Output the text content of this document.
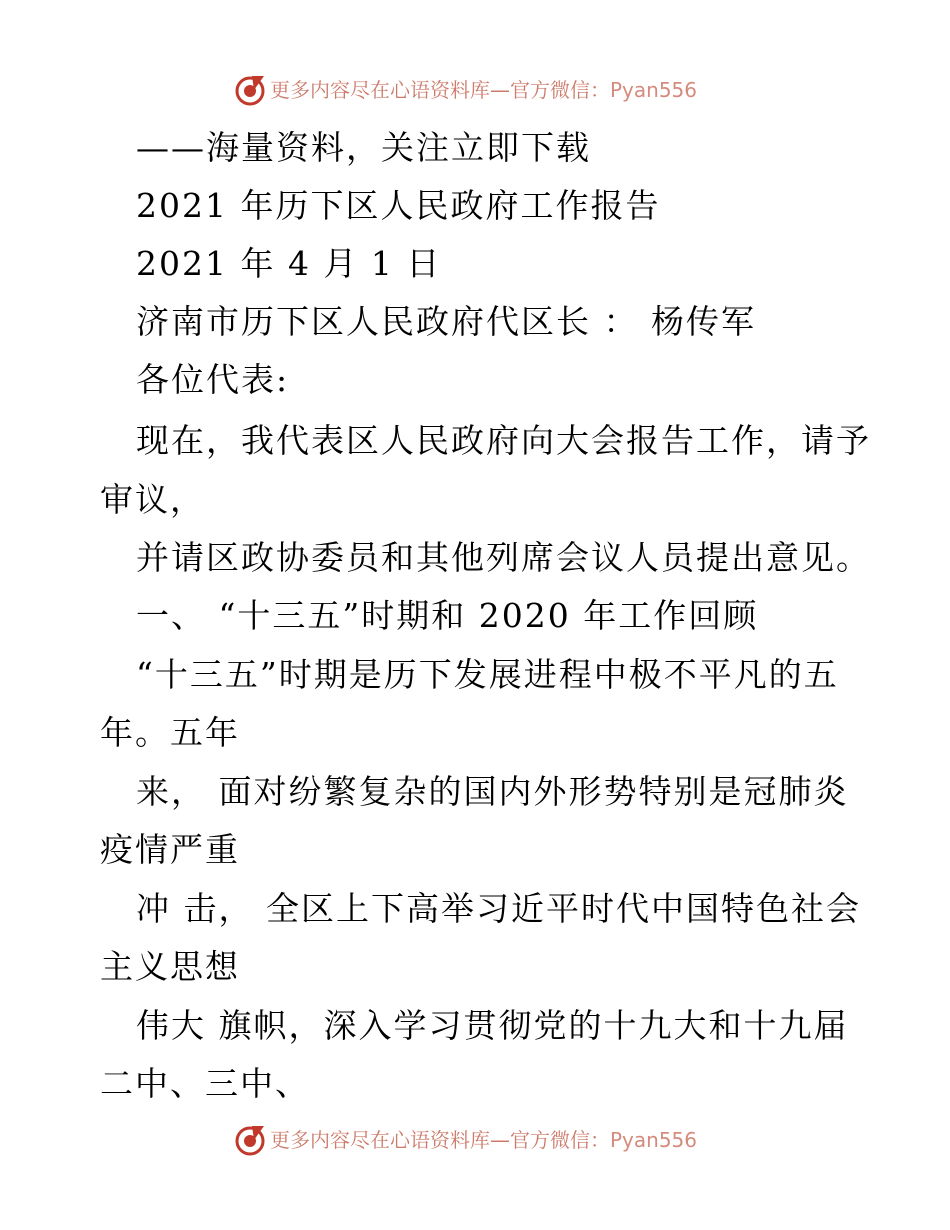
更多内容尽在心语资料库—官方微信：Pyan556
——海量资料，关注立即下载
2021 年历下区人民政府工作报告
2021 年 4 月 1 日
济南市历下区人民政府代区长 ： 杨传军
各位代表:
现在，我代表区人民政府向大会报告工作，请予
审议，
并请区政协委员和其他列席会议人员提出意见。
一、 “十三五”时期和 2020 年工作回顾
“十三五”时期是历下发展进程中极不平凡的五
年。五年
来， 面对纷繁复杂的国内外形势特别是冠肺炎
疫情严重
冲 击， 全区上下高举习近平时代中国特色社会
主义思想
伟大 旗帜，深入学习贯彻党的十九大和十九届
二中、三中、
更多内容尽在心语资料库—官方微信：Pyan556
